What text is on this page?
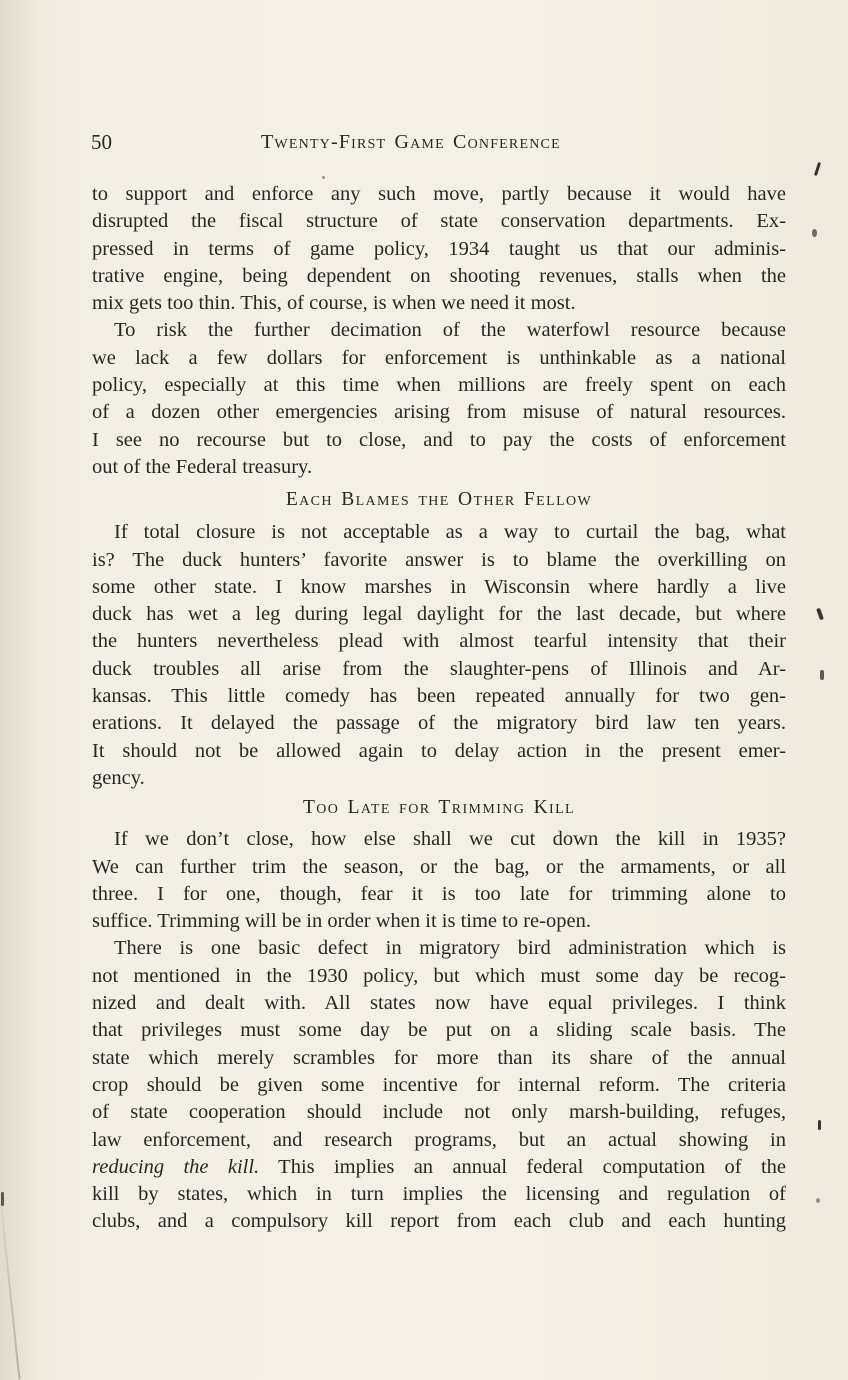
50	Twenty-First Game Conference
to support and enforce any such move, partly because it would have
disrupted the fiscal structure of state conservation departments. Ex-
pressed in terms of game policy, 1934 taught us that our adminis-
trative engine, being dependent on shooting revenues, stalls when the
mix gets too thin. This, of course, is when we need it most.
To risk the further decimation of the waterfowl resource because
we lack a few dollars for enforcement is unthinkable as a national
policy, especially at this time when millions are freely spent on each
of a dozen other emergencies arising from misuse of natural resources.
I see no recourse but to close, and to pay the costs of enforcement
out of the Federal treasury.
Each Blames the Other Fellow
If total closure is not acceptable as a way to curtail the bag, what
is? The duck hunters’ favorite answer is to blame the overkilling on
some other state. I know marshes in Wisconsin where hardly a live
duck has wet a leg during legal daylight for the last decade, but where
the hunters nevertheless plead with almost tearful intensity that their
duck troubles all arise from the slaughter-pens of Illinois and Ar-
kansas. This little comedy has been repeated annually for two gen-
erations. It delayed the passage of the migratory bird law ten years.
It should not be allowed again to delay action in the present emer-
gency.
Too Late for Trimming Kill
If we don’t close, how else shall we cut down the kill in 1935?
We can further trim the season, or the bag, or the armaments, or all
three. I for one, though, fear it is too late for trimming alone to
suffice. Trimming will be in order when it is time to re-open.
There is one basic defect in migratory bird administration which is
not mentioned in the 1930 policy, but which must some day be recog-
nized and dealt with. All states now have equal privileges. I think
that privileges must some day be put on a sliding scale basis. The
state which merely scrambles for more than its share of the annual
crop should be given some incentive for internal reform. The criteria
of state cooperation should include not only marsh-building, refuges,
law enforcement, and research programs, but an actual showing in
reducing the kill. This implies an annual federal computation of the
kill by states, which in turn implies the licensing and regulation of
clubs, and a compulsory kill report from each club and each hunting
